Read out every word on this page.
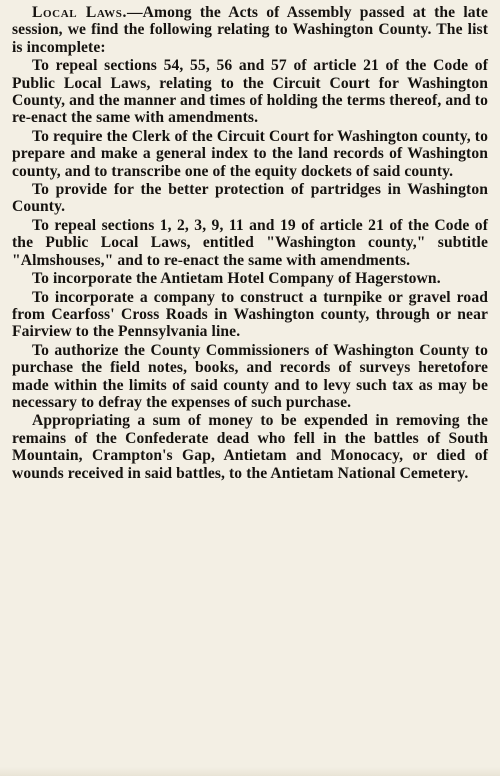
Local Laws.—Among the Acts of Assembly passed at the late session, we find the following relating to Washington County. The list is incomplete:

To repeal sections 54, 55, 56 and 57 of article 21 of the Code of Public Local Laws, relating to the Circuit Court for Washington County, and the manner and times of holding the terms thereof, and to re-enact the same with amendments.

To require the Clerk of the Circuit Court for Washington county, to prepare and make a general index to the land records of Washington county, and to transcribe one of the equity dockets of said county.

To provide for the better protection of partridges in Washington County.

To repeal sections 1, 2, 3, 9, 11 and 19 of article 21 of the Code of the Public Local Laws, entitled "Washington county," subtitle "Almshouses," and to re-enact the same with amendments.

To incorporate the Antietam Hotel Company of Hagerstown.

To incorporate a company to construct a turnpike or gravel road from Cearfoss' Cross Roads in Washington county, through or near Fairview to the Pennsylvania line.

To authorize the County Commissioners of Washington County to purchase the field notes, books, and records of surveys heretofore made within the limits of said county and to levy such tax as may be necessary to defray the expenses of such purchase.

Appropriating a sum of money to be expended in removing the remains of the Confederate dead who fell in the battles of South Mountain, Crampton's Gap, Antietam and Monocacy, or died of wounds received in said battles, to the Antietam National Cemetery.
